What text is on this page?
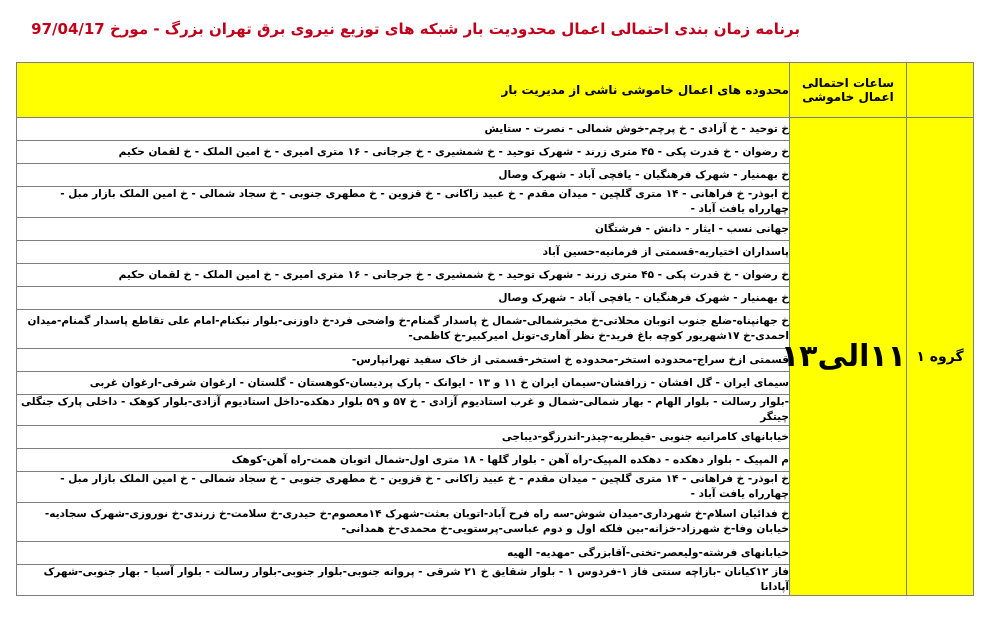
برنامه زمان بندی احتمالی اعمال محدودیت بار شبکه های توزیع نیروی برق تهران بزرگ - مورخ 97/04/17
	ساعات احتمالی اعمال خاموشی	محدوده های اعمال خاموشی ناشی از مدیریت بار
گروه ۱	۱۱الی۱۳	خ توحید - خ آزادی - خ پرچم-خوش شمالی - نصرت - ستایش
		خ رضوان - خ قدرت پکی - ۴۵ متری زرند - شهرک توحید - خ شمشیری - خ جرجانی - ۱۶ متری امیری - خ امین الملک - خ لقمان حکیم
		خ بهمنیار - شهرک فرهنگیان - یافچی آباد - شهرک وصال
		خ ابوذر- خ فراهانی - ۱۴ متری گلچین - میدان مقدم - خ عبید زاکانی - خ قزوین - خ مطهری جنوبی - خ سجاد شمالی - خ امین الملک بازار مبل - چهارراه یافت آباد -
		جهانی نسب - ایثار - دانش - فرشتگان
		پاسداران اختیاریه-قسمتی از فرمانیه-حسین آباد
		خ رضوان - خ قدرت پکی - ۴۵ متری زرند - شهرک توحید - خ شمشیری - خ جرجانی - ۱۶ متری امیری - خ امین الملک - خ لقمان حکیم
		خ بهمنیار - شهرک فرهنگیان - یافچی آباد - شهرک وصال
		خ جهانپناه-ضلع جنوب اتوبان محلاتی-خ مخبرشمالی-شمال خ پاسدار گمنام-خ واضحی فرد-خ داوزنی-بلوار نبکنام-امام علی تقاطع پاسدار گمنام-میدان احمدی-خ ۱۷شهریور کوچه باغ فرید-خ نظر آهاری-تونل امیرکبیر-خ کاظمی-
		قسمتی ازخ سراج-محدوده استخر-محدوده خ استخر-قسمتی از خاک سفید تهرانپارس-
		سیمای ایران - گل افشان - زرافشان-سیمان ایران خ ۱۱ و ۱۳ - ایوانک - پارک پردیسان-کوهستان - گلستان - ارغوان شرقی-ارغوان غربی
		-بلوار رسالت - بلوار الهام - بهار شمالی-شمال و غرب استادیوم آزادی - خ ۵۷ و ۵۹ بلوار دهکده-داخل استادیوم آزادی-بلوار کوهک - داخلی پارک جنگلی چیتگر
		خیابانهای کامرانیه جنوبی -قیطریه-چیذر-اندرزگو-دیباجی
		م المپیک - بلوار دهکده - دهکده المپیک-راه آهن - بلوار گلها - ۱۸ متری اول-شمال اتوبان همت-راه آهن-کوهک
		خ ابوذر- خ فراهانی - ۱۴ متری گلچین - میدان مقدم - خ عبید زاکانی - خ قزوین - خ مطهری جنوبی - خ سجاد شمالی - خ امین الملک بازار مبل - چهارراه یافت آباد -
		خ فدائیان اسلام-خ شهرداری-میدان شوش-سه راه فرح آباد-اتوبان بعثت-شهرک ۱۴معصوم-خ حیدری-خ سلامت-خ زرندی-خ نوروزی-شهرک سجادیه-خیابان وفا-خ شهرزاد-خزانه-بین فلکه اول و دوم عباسی-پرستویی-خ محمدی-خ همدانی-
		خیابانهای فرشته-ولیعصر-تختی-آقابزرگی -مهدیه- الهیه
		فاز ۱۲کیانان -بازاچه سنتی فاز ۱-فردوس ۱ - بلوار شقایق خ ۲۱ شرقی - پروانه جنوبی-بلوار جنوبی-بلوار رسالت - بلوار آسیا - بهار جنوبی-شهرک آپادانا
